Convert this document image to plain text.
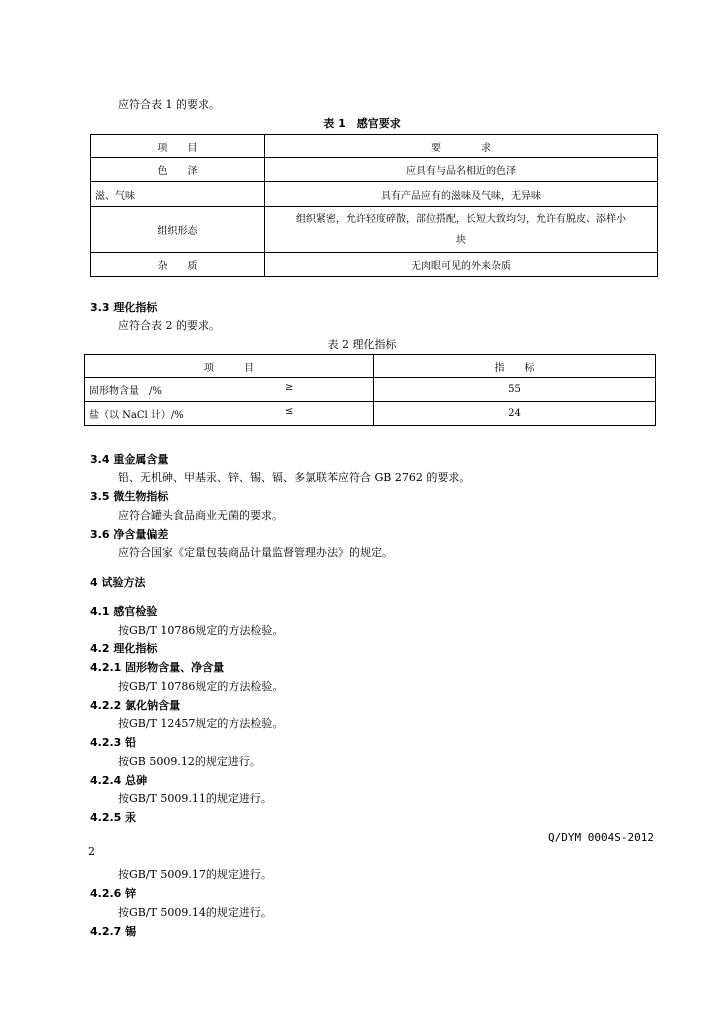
应符合表 1 的要求。
表 1　感官要求
项　　目	要　　　　求
色　　泽	应具有与品名相近的色泽
滋、气味	具有产品应有的滋味及气味，无异味
组织形态	组织紧密，允许轻度碎散，部位搭配，长短大致均匀，允许有脱皮、添样小
块

杂　　质	无肉眼可见的外来杂质
3.3 理化指标
应符合表 2 的要求。
表 2 理化指标
项　　　目	指　　标
固形物含量　/% ≥	55
盐（以 NaCl 计）/% ≤	24
3.4 重金属含量
铅、无机砷、甲基汞、锌、锡、镉、多氯联苯应符合 GB 2762 的要求。
3.5 微生物指标
应符合罐头食品商业无菌的要求。
3.6 净含量偏差
应符合国家《定量包装商品计量监督管理办法》的规定。
4 试验方法
4.1 感官检验
按GB/T 10786规定的方法检验。
4.2 理化指标
4.2.1 固形物含量、净含量
按GB/T 10786规定的方法检验。
4.2.2 氯化钠含量
按GB/T 12457规定的方法检验。
4.2.3 铅
按GB 5009.12的规定进行。
4.2.4 总砷
按GB/T 5009.11的规定进行。
4.2.5 汞
Q/DYM 0004S-2012
2
按GB/T 5009.17的规定进行。
4.2.6 锌
按GB/T 5009.14的规定进行。
4.2.7 锡
